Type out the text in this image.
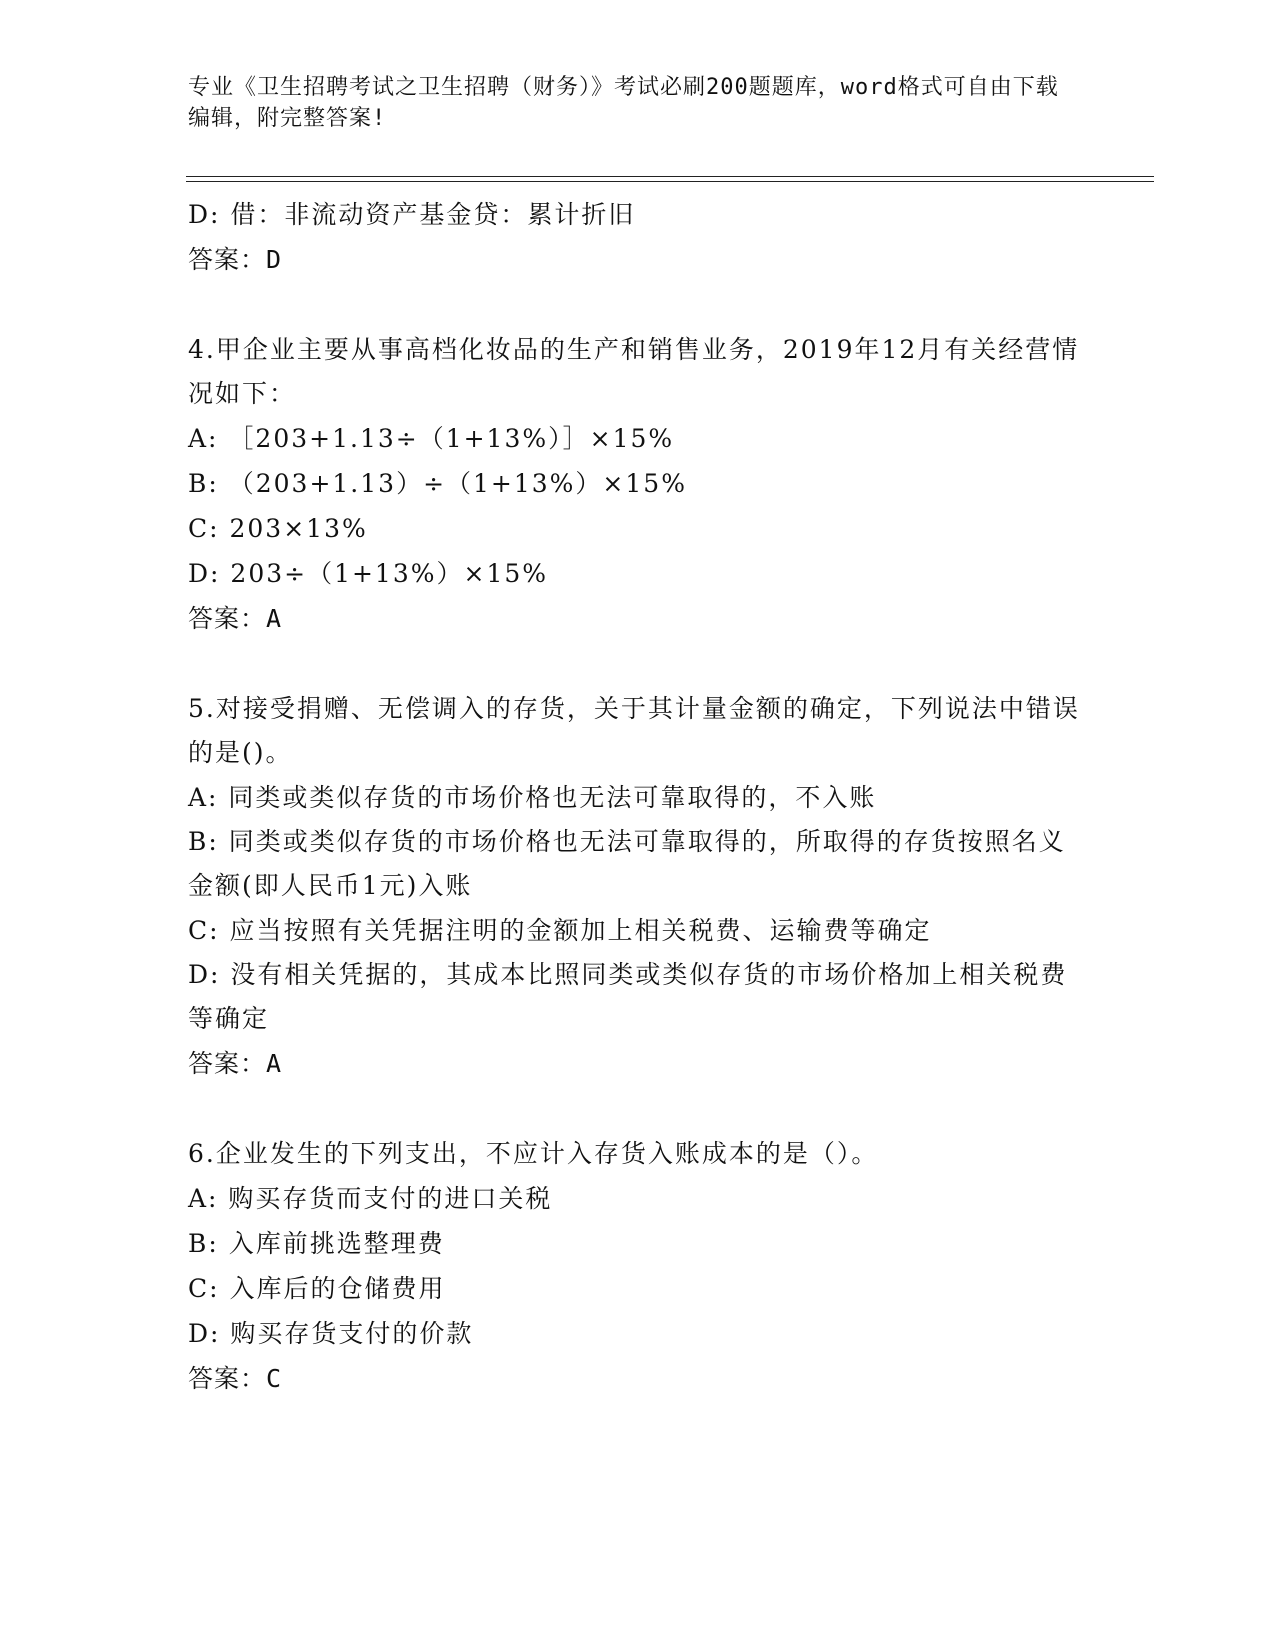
专业《卫生招聘考试之卫生招聘（财务）》考试必刷200题题库，word格式可自由下载编辑，附完整答案!
D: 借：非流动资产基金贷：累计折旧
答案：D
4.甲企业主要从事高档化妆品的生产和销售业务，2019年12月有关经营情况如下：
A: ［203+1.13÷（1+13%）］×15%
B: （203+1.13）÷（1+13%）×15%
C: 203×13%
D: 203÷（1+13%）×15%
答案：A
5.对接受捐赠、无偿调入的存货，关于其计量金额的确定，下列说法中错误的是()。
A: 同类或类似存货的市场价格也无法可靠取得的，不入账
B: 同类或类似存货的市场价格也无法可靠取得的，所取得的存货按照名义金额(即人民币1元)入账
C: 应当按照有关凭据注明的金额加上相关税费、运输费等确定
D: 没有相关凭据的，其成本比照同类或类似存货的市场价格加上相关税费等确定
答案：A
6.企业发生的下列支出，不应计入存货入账成本的是（）。
A: 购买存货而支付的进口关税
B: 入库前挑选整理费
C: 入库后的仓储费用
D: 购买存货支付的价款
答案：C
